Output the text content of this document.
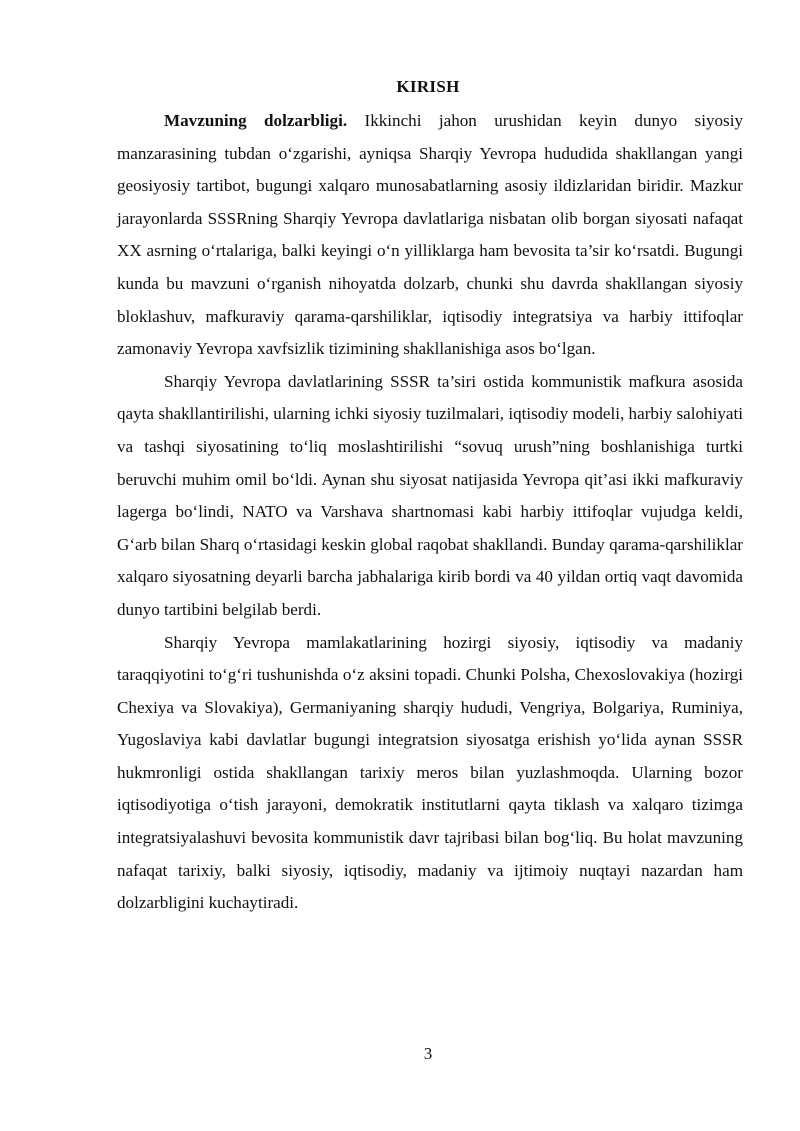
KIRISH

Mavzuning dolzarbligi. Ikkinchi jahon urushidan keyin dunyo siyosiy manzarasining tubdan o‘zgarishi, ayniqsa Sharqiy Yevropa hududida shakllangan yangi geosiyosiy tartibot, bugungi xalqaro munosabatlarning asosiy ildizlaridan biridir. Mazkur jarayonlarda SSSRning Sharqiy Yevropa davlatlariga nisbatan olib borgan siyosati nafaqat XX asrning o‘rtalariga, balki keyingi o‘n yilliklarga ham bevosita ta’sir ko‘rsatdi. Bugungi kunda bu mavzuni o‘rganish nihoyatda dolzarb, chunki shu davrda shakllangan siyosiy bloklashuv, mafkuraviy qarama-qarshiliklar, iqtisodiy integratsiya va harbiy ittifoqlar zamonaviy Yevropa xavfsizlik tizimining shakllanishiga asos bo‘lgan.

Sharqiy Yevropa davlatlarining SSSR ta’siri ostida kommunistik mafkura asosida qayta shakllantirilishi, ularning ichki siyosiy tuzilmalari, iqtisodiy modeli, harbiy salohiyati va tashqi siyosatining to‘liq moslashtirilishi “sovuq urush”ning boshlanishiga turtki beruvchi muhim omil bo‘ldi. Aynan shu siyosat natijasida Yevropa qit’asi ikki mafkuraviy lagerga bo‘lindi, NATO va Varshava shartnomasi kabi harbiy ittifoqlar vujudga keldi, G‘arb bilan Sharq o‘rtasidagi keskin global raqobat shakllandi. Bunday qarama-qarshiliklar xalqaro siyosatning deyarli barcha jabhalariga kirib bordi va 40 yildan ortiq vaqt davomida dunyo tartibini belgilab berdi.

Sharqiy Yevropa mamlakatlarining hozirgi siyosiy, iqtisodiy va madaniy taraqqiyotini to‘g‘ri tushunishda o‘z aksini topadi. Chunki Polsha, Chexoslovakiya (hozirgi Chexiya va Slovakiya), Germaniyaning sharqiy hududi, Vengriya, Bolgariya, Ruminiya, Yugoslaviya kabi davlatlar bugungi integratsion siyosatga erishish yo‘lida aynan SSSR hukmronligi ostida shakllangan tarixiy meros bilan yuzlashmoqda. Ularning bozor iqtisodiyotiga o‘tish jarayoni, demokratik institutlarni qayta tiklash va xalqaro tizimga integratsiyalashuvi bevosita kommunistik davr tajribasi bilan bog‘liq. Bu holat mavzuning nafaqat tarixiy, balki siyosiy, iqtisodiy, madaniy va ijtimoiy nuqtayi nazardan ham dolzarbligini kuchaytiradi.

3
